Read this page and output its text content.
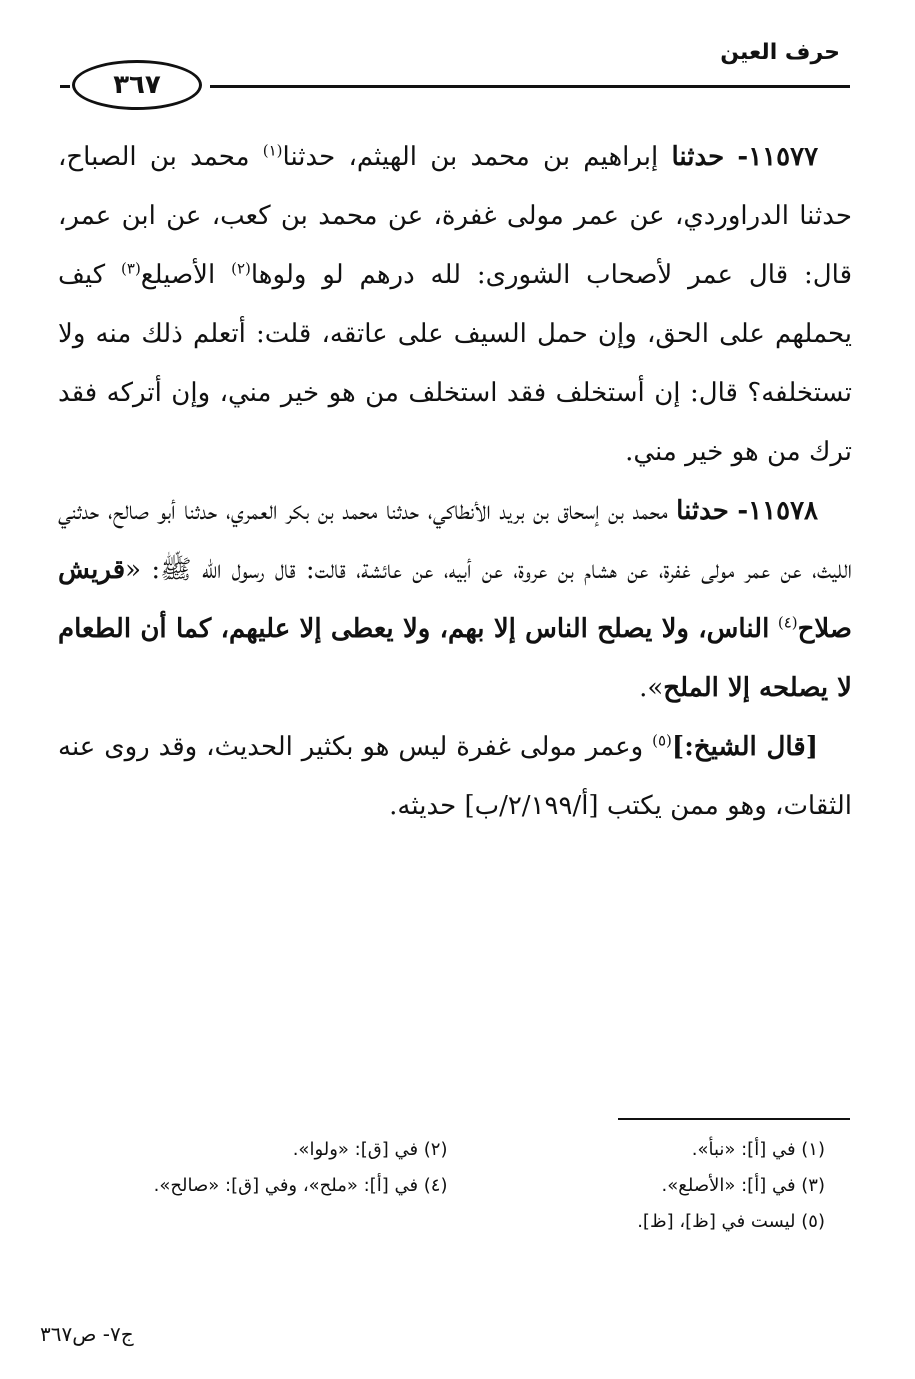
حرف العين
٣٦٧

١١٥٧٧- حدثنا إبراهيم بن محمد بن الهيثم، حدثنا$^{(١)}$ محمد بن الصباح، حدثنا الدراوردي، عن عمر مولى غفرة، عن محمد بن كعب، عن ابن عمر، قال: قال عمر لأصحاب الشورى: لله درهم لو ولوها$^{(٢)}$ الأصيلع$^{(٣)}$ كيف يحملهم على الحق، وإن حمل السيف على عاتقه، قلت: أتعلم ذلك منه ولا تستخلفه؟ قال: إن أستخلف فقد استخلف من هو خير مني، وإن أتركه فقد ترك من هو خير مني.

١١٥٧٨- حدثنا محمد بن إسحاق بن بريد الأنطاكي، حدثنا محمد بن بكر العمري، حدثنا أبو صالح، حدثني الليث، عن عمر مولى غفرة، عن هشام بن عروة، عن أبيه، عن عائشة، قالت: قال رسول الله ﷺ: «قريش صلاح$^{(٤)}$ الناس، ولا يصلح الناس إلا بهم، ولا يعطى إلا عليهم، كما أن الطعام لا يصلحه إلا الملح».

[قال الشيخ:]$^{(٥)}$ وعمر مولى غفرة ليس هو بكثير الحديث، وقد روى عنه الثقات، وهو ممن يكتب [أ/٢/١٩٩/ب] حديثه.

(١) في [أ]: «نبأ».
(٢) في [ق]: «ولوا».
(٣) في [أ]: «الأصلع».
(٤) في [أ]: «ملح»، وفي [ق]: «صالح».
(٥) ليست في [ظ]، [ظ].
ج٧- ص٣٦٧
